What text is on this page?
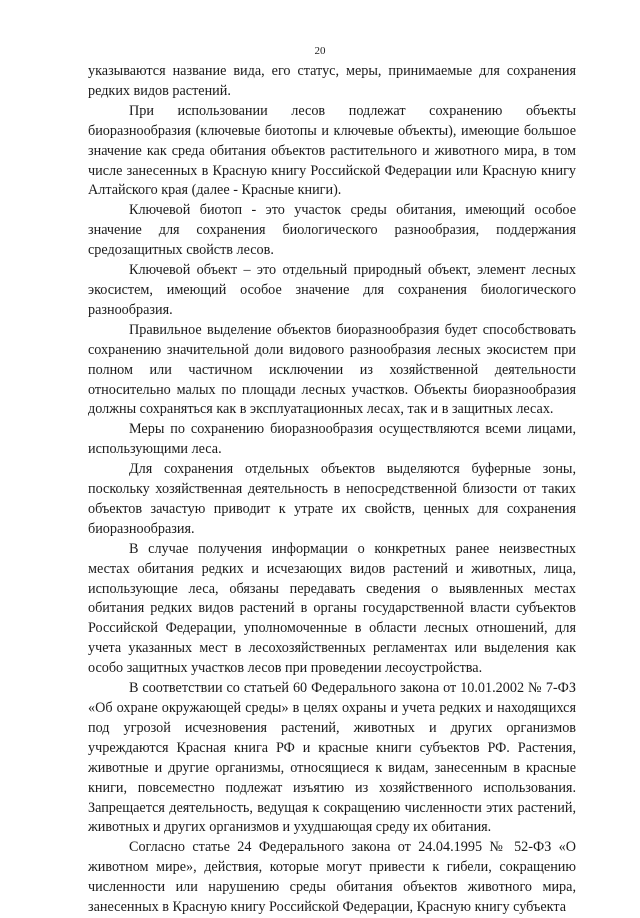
20

указываются название вида, его статус, меры, принимаемые для сохранения редких видов растений.

При использовании лесов подлежат сохранению объекты биоразнообразия (ключевые биотопы и ключевые объекты), имеющие большое значение как среда обитания объектов растительного и животного мира, в том числе занесенных в Красную книгу Российской Федерации или Красную книгу Алтайского края (далее - Красные книги).

Ключевой биотоп - это участок среды обитания, имеющий особое значение для сохранения биологического разнообразия, поддержания средозащитных свойств лесов.

Ключевой объект – это отдельный природный объект, элемент лесных экосистем, имеющий особое значение для сохранения биологического разнообразия.

Правильное выделение объектов биоразнообразия будет способствовать сохранению значительной доли видового разнообразия лесных экосистем при полном или частичном исключении из хозяйственной деятельности относительно малых по площади лесных участков. Объекты биоразнообразия должны сохраняться как в эксплуатационных лесах, так и в защитных лесах.

Меры по сохранению биоразнообразия осуществляются всеми лицами, использующими леса.

Для сохранения отдельных объектов выделяются буферные зоны, поскольку хозяйственная деятельность в непосредственной близости от таких объектов зачастую приводит к утрате их свойств, ценных для сохранения биоразнообразия.

В случае получения информации о конкретных ранее неизвестных местах обитания редких и исчезающих видов растений и животных, лица, использующие леса, обязаны передавать сведения о выявленных местах обитания редких видов растений в органы государственной власти субъектов Российской Федерации, уполномоченные в области лесных отношений, для учета указанных мест в лесохозяйственных регламентах или выделения как особо защитных участков лесов при проведении лесоустройства.

В соответствии со статьей 60 Федерального закона от 10.01.2002 № 7-ФЗ «Об охране окружающей среды» в целях охраны и учета редких и находящихся под угрозой исчезновения растений, животных и других организмов учреждаются Красная книга РФ и красные книги субъектов РФ. Растения, животные и другие организмы, относящиеся к видам, занесенным в красные книги, повсеместно подлежат изъятию из хозяйственного использования. Запрещается деятельность, ведущая к сокращению численности этих растений, животных и других организмов и ухудшающая среду их обитания.

Согласно статье 24 Федерального закона от 24.04.1995 № 52-ФЗ «О животном мире», действия, которые могут привести к гибели, сокращению численности или нарушению среды обитания объектов животного мира, занесенных в Красную книгу Российской Федерации, Красную книгу субъекта
